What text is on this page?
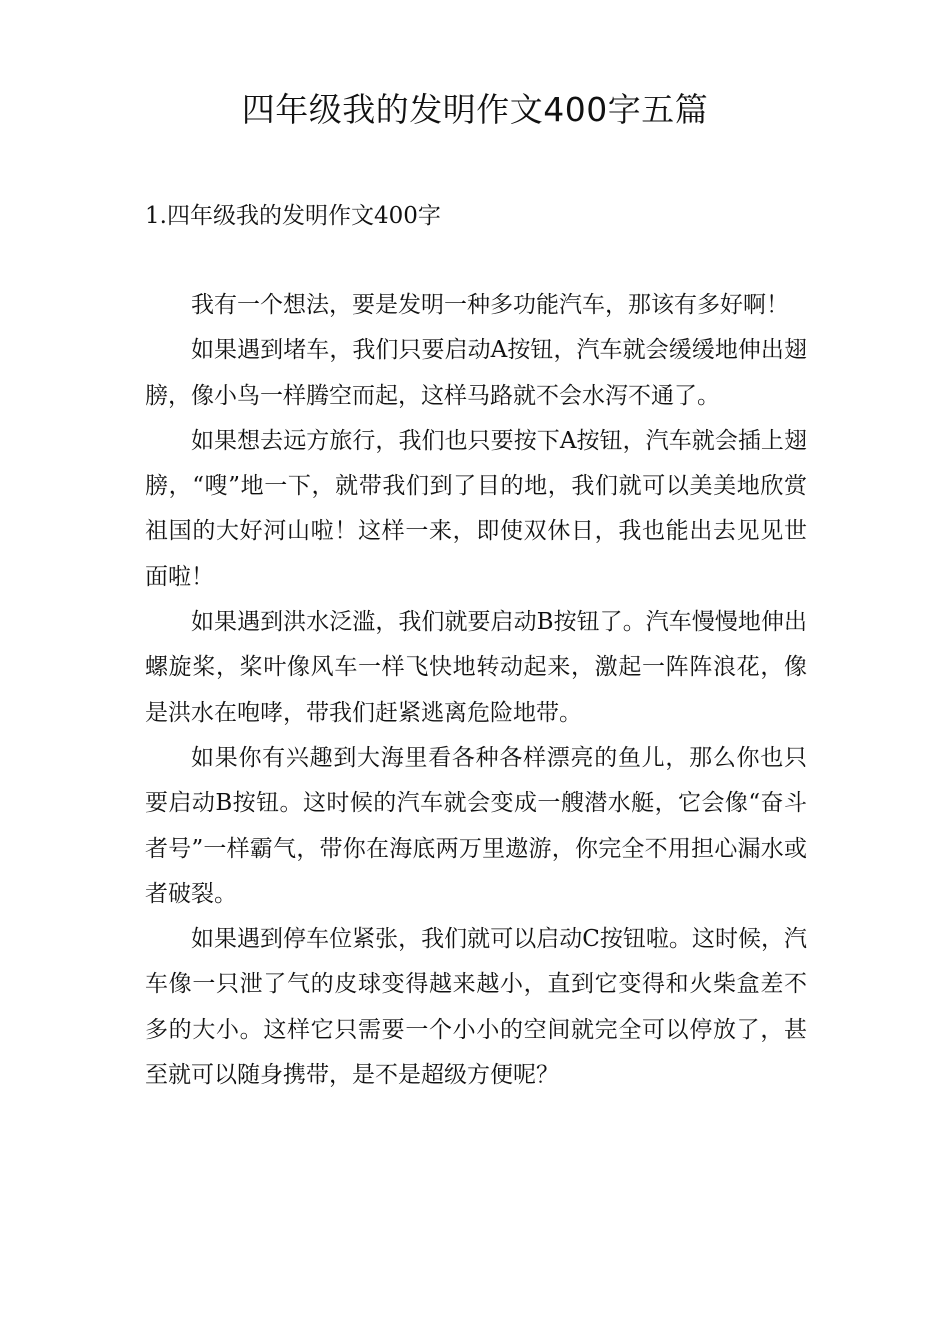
四年级我的发明作文400字五篇
1.四年级我的发明作文400字

我有一个想法，要是发明一种多功能汽车，那该有多好啊！

如果遇到堵车，我们只要启动A按钮，汽车就会缓缓地伸出翅膀，像小鸟一样腾空而起，这样马路就不会水泻不通了。

如果想去远方旅行，我们也只要按下A按钮，汽车就会插上翅膀，“嗖”地一下，就带我们到了目的地，我们就可以美美地欣赏祖国的大好河山啦！这样一来，即使双休日，我也能出去见见世面啦！

如果遇到洪水泛滥，我们就要启动B按钮了。汽车慢慢地伸出螺旋桨，桨叶像风车一样飞快地转动起来，激起一阵阵浪花，像是洪水在咆哮，带我们赶紧逃离危险地带。

如果你有兴趣到大海里看各种各样漂亮的鱼儿，那么你也只要启动B按钮。这时候的汽车就会变成一艘潜水艇，它会像“奋斗者号”一样霸气，带你在海底两万里遨游，你完全不用担心漏水或者破裂。

如果遇到停车位紧张，我们就可以启动C按钮啦。这时候，汽车像一只泄了气的皮球变得越来越小，直到它变得和火柴盒差不多的大小。这样它只需要一个小小的空间就完全可以停放了，甚至就可以随身携带，是不是超级方便呢？
